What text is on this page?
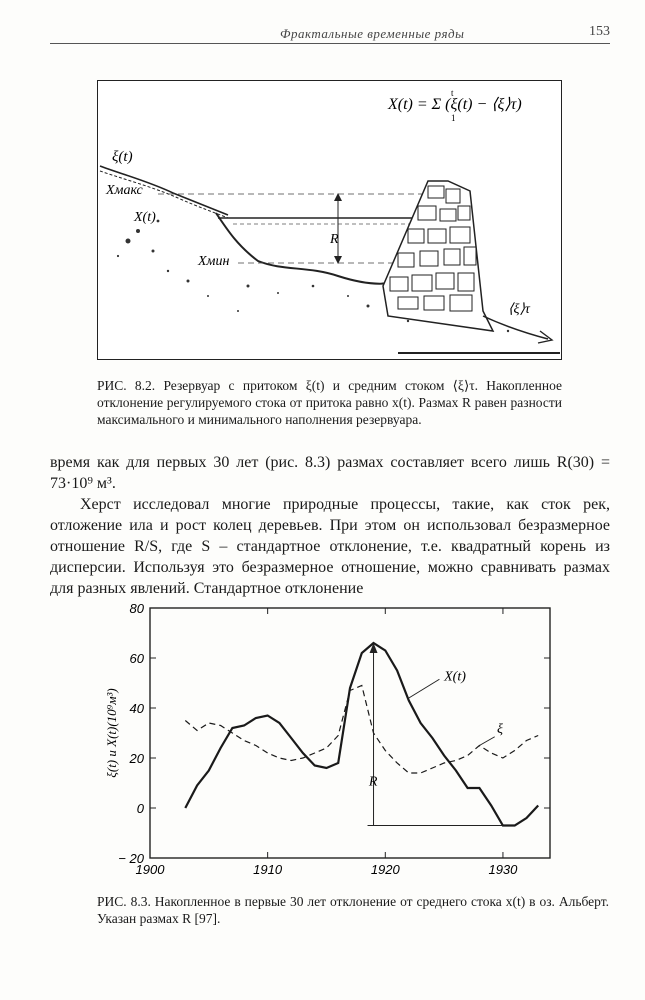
Фрактальные временные ряды	153
X(t) = Σ (ξ(t) − ⟨ξ⟩τ)
t
1
ξ(t)
Xмакс
X(t)
Xмин
R
⟨ξ⟩τ
РИС. 8.2. Резервуар с притоком ξ(t) и средним стоком ⟨ξ⟩τ. Накопленное отклонение регулируемого стока от притока равно x(t). Размах R равен разности максимального и минимального наполнения резервуара.
время как для первых 30 лет (рис. 8.3) размах составляет всего лишь R(30) = 73·10⁹ м³.
Херст исследовал многие природные процессы, такие, как сток рек, отложение ила и рост колец деревьев. При этом он использовал безразмерное отношение R/S, где S – стандартное отклонение, т.е. квадратный корень из дисперсии. Используя это безразмерное отношение, можно сравнивать размах для разных явлений. Стандартное отклонение
1900	1910	1920	1930
− 20
0
20
40
60
80
ξ(t) и X(t)(10⁹м³)
X(t)
ξ
R
РИС. 8.3. Накопленное в первые 30 лет отклонение от среднего стока x(t) в оз. Альберт. Указан размах R [97].
